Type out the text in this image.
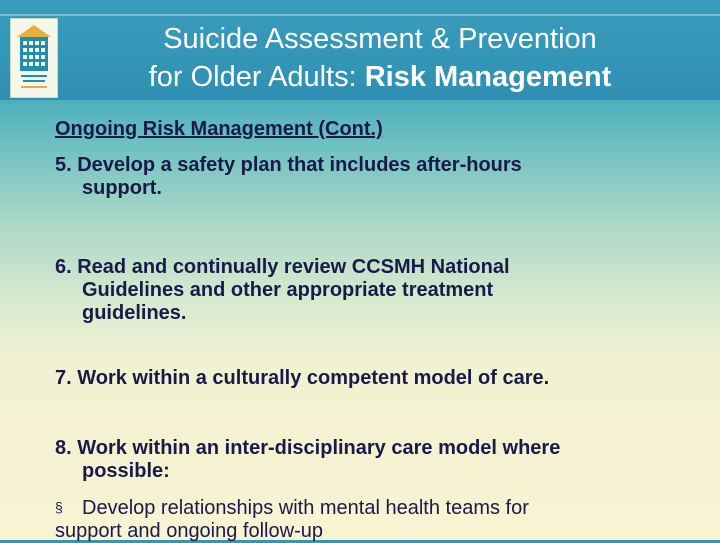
Suicide Assessment & Prevention
for Older Adults: Risk Management
Ongoing Risk Management (Cont.)
5. Develop a safety plan that includes after-hours
support.
6. Read and continually review CCSMH National
Guidelines and other appropriate treatment
guidelines.
7. Work within a culturally competent model of care.
8. Work within an inter-disciplinary care model where
possible:
§ Develop relationships with mental health teams for
support and ongoing follow-up
